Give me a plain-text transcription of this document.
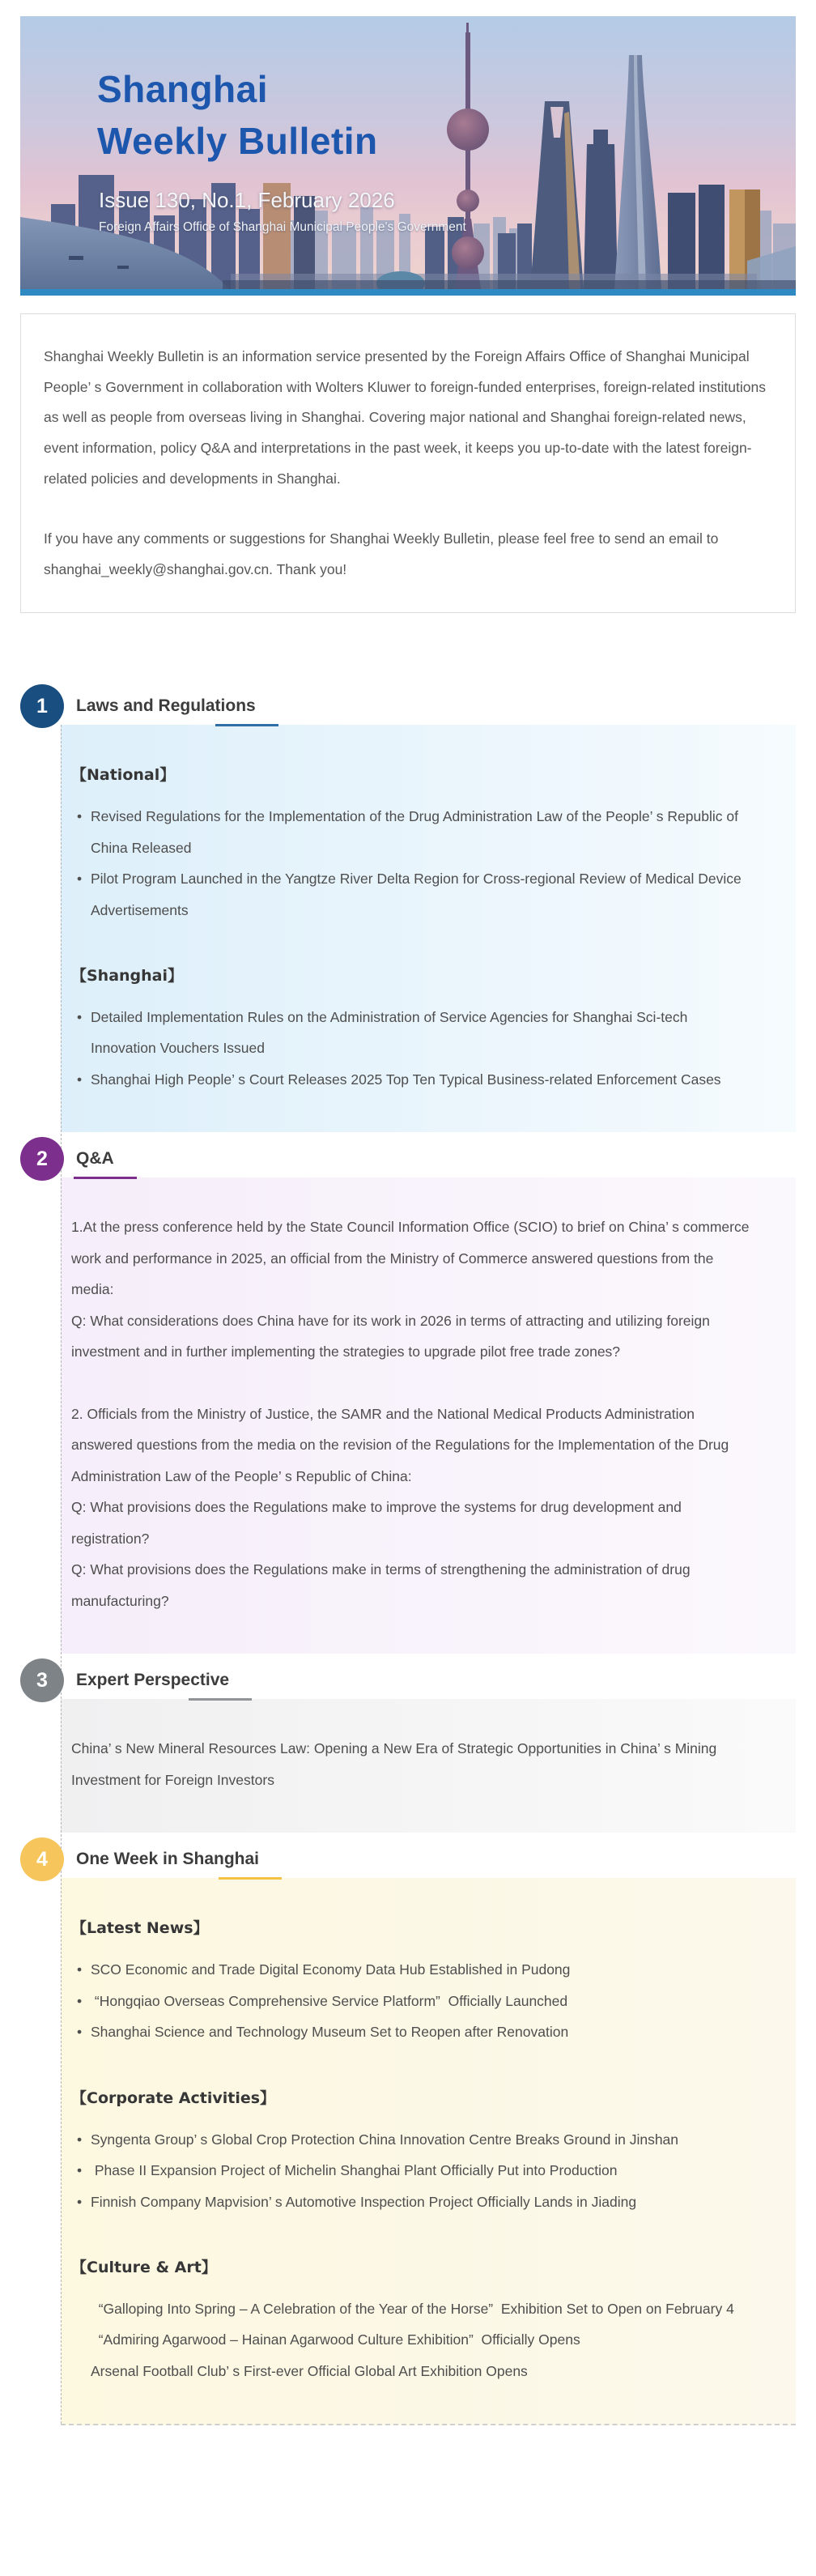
Shanghai
Weekly Bulletin
Issue 130, No.1, February 2026
Foreign Affairs Office of Shanghai Municipal People's Government

Shanghai Weekly Bulletin is an information service presented by the Foreign Affairs Office of Shanghai Municipal People’ s Government in collaboration with Wolters Kluwer to foreign-funded enterprises, foreign-related institutions as well as people from overseas living in Shanghai. Covering major national and Shanghai foreign-related news, event information, policy Q&A and interpretations in the past week, it keeps you up-to-date with the latest foreign-related policies and developments in Shanghai.

If you have any comments or suggestions for Shanghai Weekly Bulletin, please feel free to send an email to shanghai_weekly@shanghai.gov.cn. Thank you!

1	Laws and Regulations
【National】
• Revised Regulations for the Implementation of the Drug Administration Law of the People’ s Republic of China Released
• Pilot Program Launched in the Yangtze River Delta Region for Cross-regional Review of Medical Device Advertisements
【Shanghai】
• Detailed Implementation Rules on the Administration of Service Agencies for Shanghai Sci-tech Innovation Vouchers Issued
• Shanghai High People’ s Court Releases 2025 Top Ten Typical Business-related Enforcement Cases
2	Q&A

1.At the press conference held by the State Council Information Office (SCIO) to brief on China’ s commerce work and performance in 2025, an official from the Ministry of Commerce answered questions from the media:

Q: What considerations does China have for its work in 2026 in terms of attracting and utilizing foreign investment and in further implementing the strategies to upgrade pilot free trade zones?

2. Officials from the Ministry of Justice, the SAMR and the National Medical Products Administration answered questions from the media on the revision of the Regulations for the Implementation of the Drug Administration Law of the People’ s Republic of China:

Q: What provisions does the Regulations make to improve the systems for drug development and registration?

Q: What provisions does the Regulations make in terms of strengthening the administration of drug manufacturing?

3	Expert Perspective

China’ s New Mineral Resources Law: Opening a New Era of Strategic Opportunities in China’ s Mining Investment for Foreign Investors

4	One Week in Shanghai
【Latest News】
• SCO Economic and Trade Digital Economy Data Hub Established in Pudong
•  “Hongqiao Overseas Comprehensive Service Platform”  Officially Launched
• Shanghai Science and Technology Museum Set to Reopen after Renovation
【Corporate Activities】
• Syngenta Group’ s Global Crop Protection China Innovation Centre Breaks Ground in Jinshan
•  Phase II Expansion Project of Michelin Shanghai Plant Officially Put into Production
• Finnish Company Mapvision’ s Automotive Inspection Project Officially Lands in Jiading
【Culture & Art】
“Galloping Into Spring – A Celebration of the Year of the Horse”  Exhibition Set to Open on February 4
“Admiring Agarwood – Hainan Agarwood Culture Exhibition”  Officially Opens
Arsenal Football Club’ s First-ever Official Global Art Exhibition Opens
